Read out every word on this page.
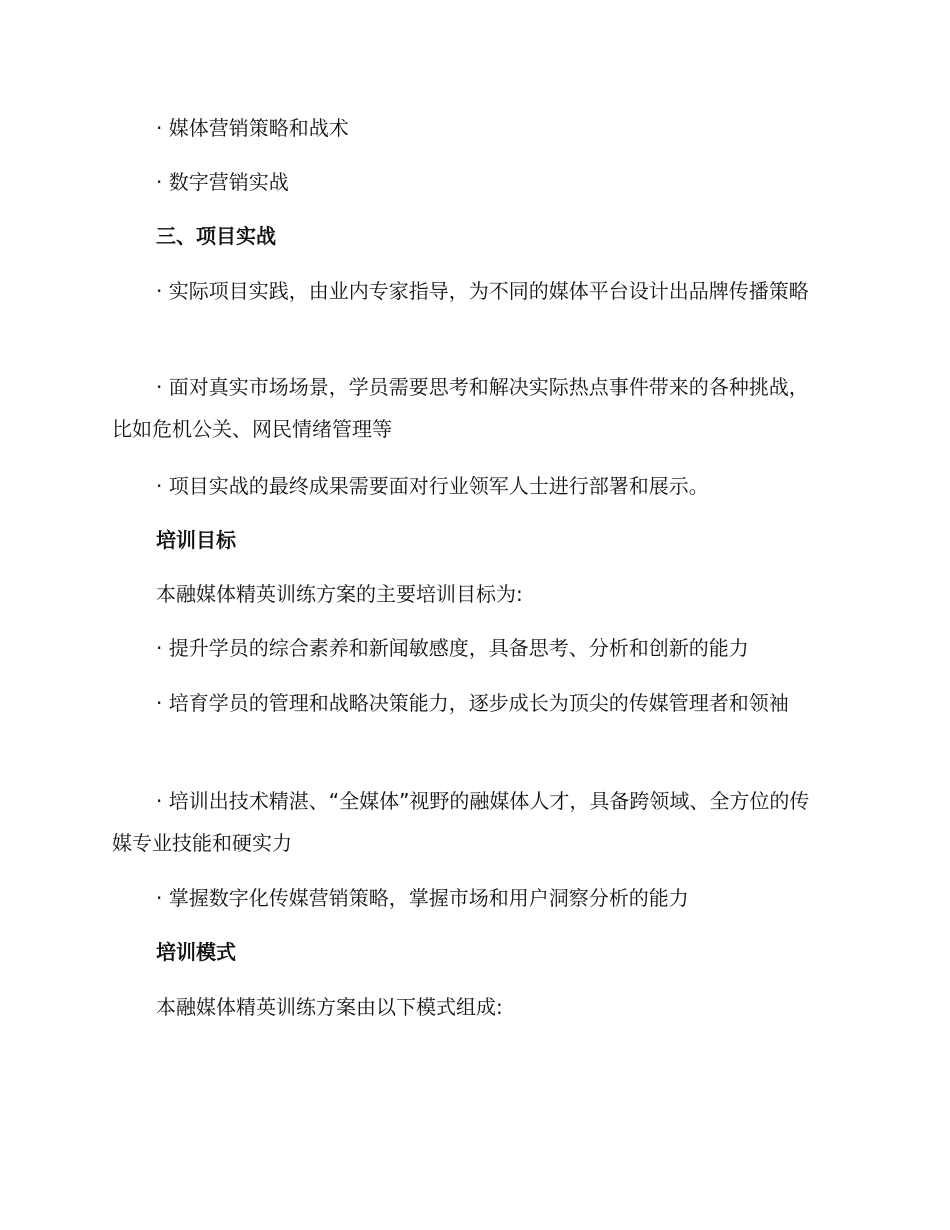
· 媒体营销策略和战术

· 数字营销实战

三、项目实战

· 实际项目实践，由业内专家指导，为不同的媒体平台设计出品牌传播策略

· 面对真实市场场景，学员需要思考和解决实际热点事件带来的各种挑战，比如危机公关、网民情绪管理等

· 项目实战的最终成果需要面对行业领军人士进行部署和展示。

培训目标

本融媒体精英训练方案的主要培训目标为:

· 提升学员的综合素养和新闻敏感度，具备思考、分析和创新的能力

· 培育学员的管理和战略决策能力，逐步成长为顶尖的传媒管理者和领袖

· 培训出技术精湛、“全媒体”视野的融媒体人才，具备跨领域、全方位的传媒专业技能和硬实力

· 掌握数字化传媒营销策略，掌握市场和用户洞察分析的能力

培训模式

本融媒体精英训练方案由以下模式组成:
